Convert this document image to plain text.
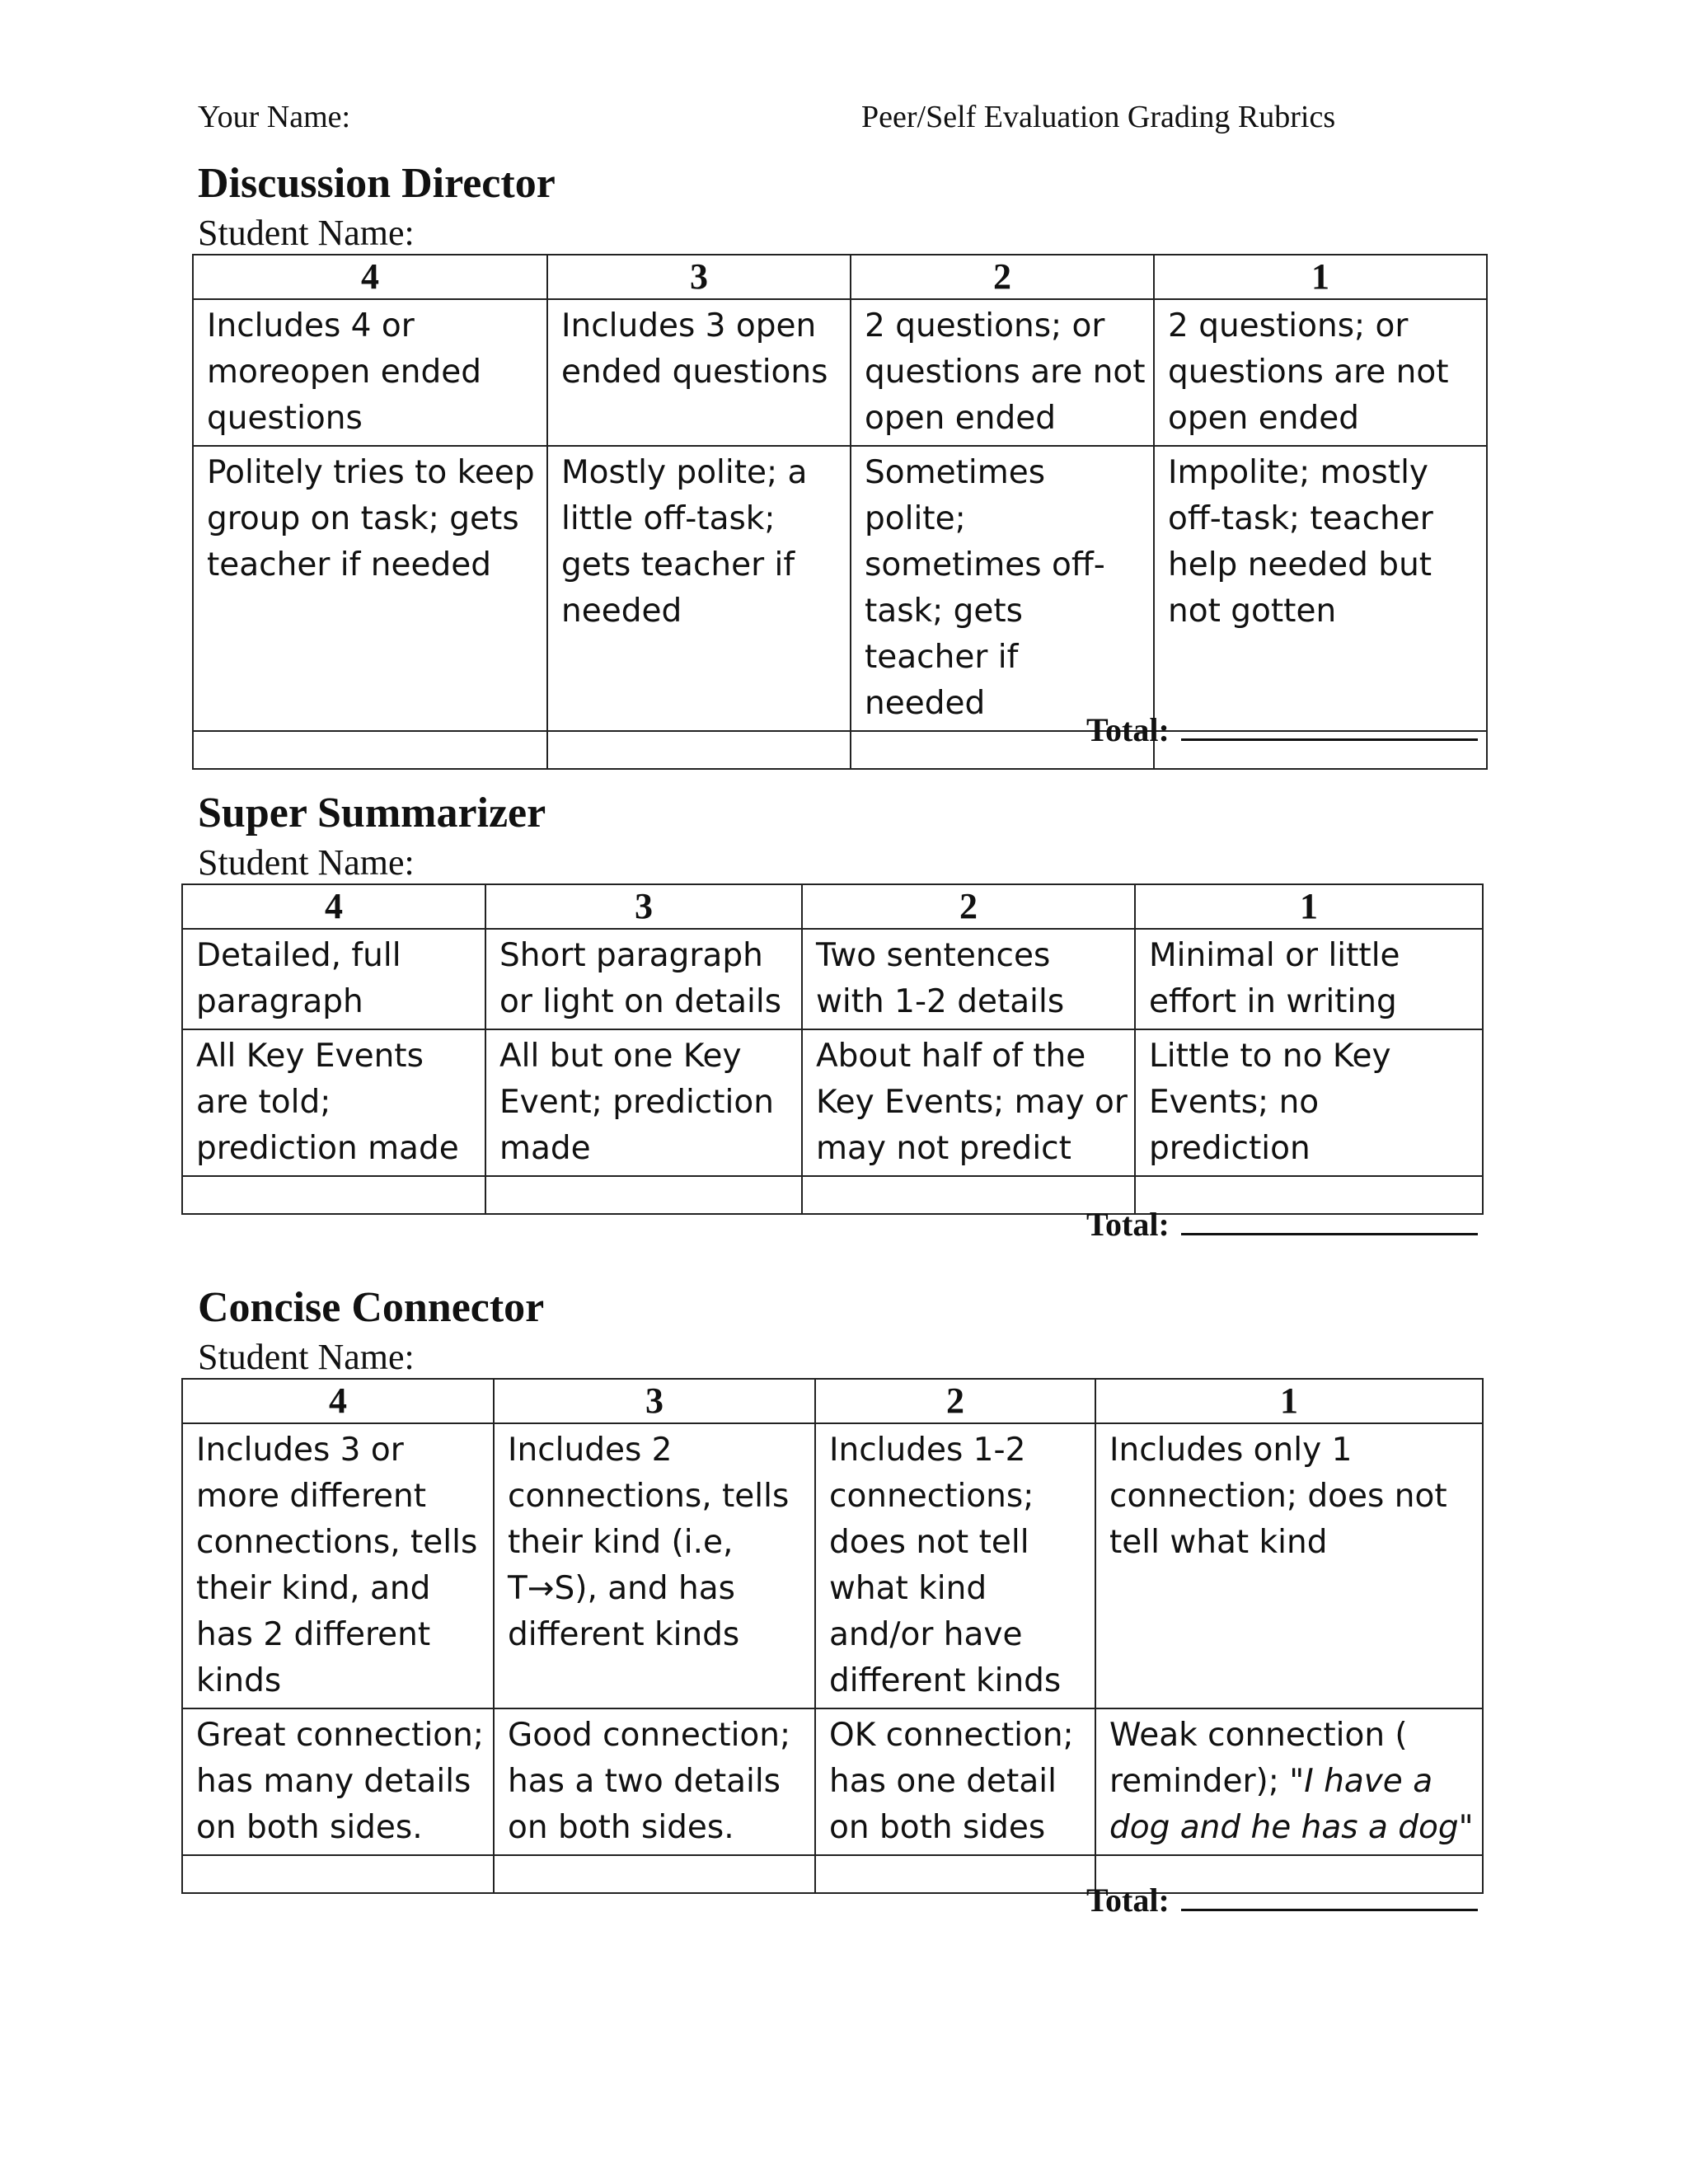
Your Name:	Peer/Self Evaluation Grading Rubrics
Discussion Director
Student Name:
4	3	2	1
Includes 4 or moreopen ended questions	Includes 3 open ended questions	2 questions; or questions are not open ended	2 questions; or questions are not open ended
Politely tries to keep group on task; gets teacher if needed	Mostly polite; a little off-task; gets teacher if needed	Sometimes polite; sometimes off-task; gets teacher if needed	Impolite; mostly off-task; teacher help needed but not gotten

Total:
Super Summarizer
Student Name:
4	3	2	1
Detailed, full paragraph	Short paragraph or light on details	Two sentences with 1-2 details	Minimal or little effort in writing
All Key Events are told; prediction made	All but one Key Event; prediction made	About half of the Key Events; may or may not predict	Little to no Key Events; no prediction

Total:
Concise Connector
Student Name:
4	3	2	1
Includes 3 or more different connections, tells their kind, and has 2 different kinds	Includes 2 connections, tells their kind (i.e, T→S), and has different kinds	Includes 1-2 connections; does not tell what kind and/or have different kinds	Includes only 1 connection; does not tell what kind
Great connection; has many details on both sides.	Good connection; has a two details on both sides.	OK connection; has one detail on both sides	Weak connection ( reminder); "I have a dog and he has a dog"

Total:
